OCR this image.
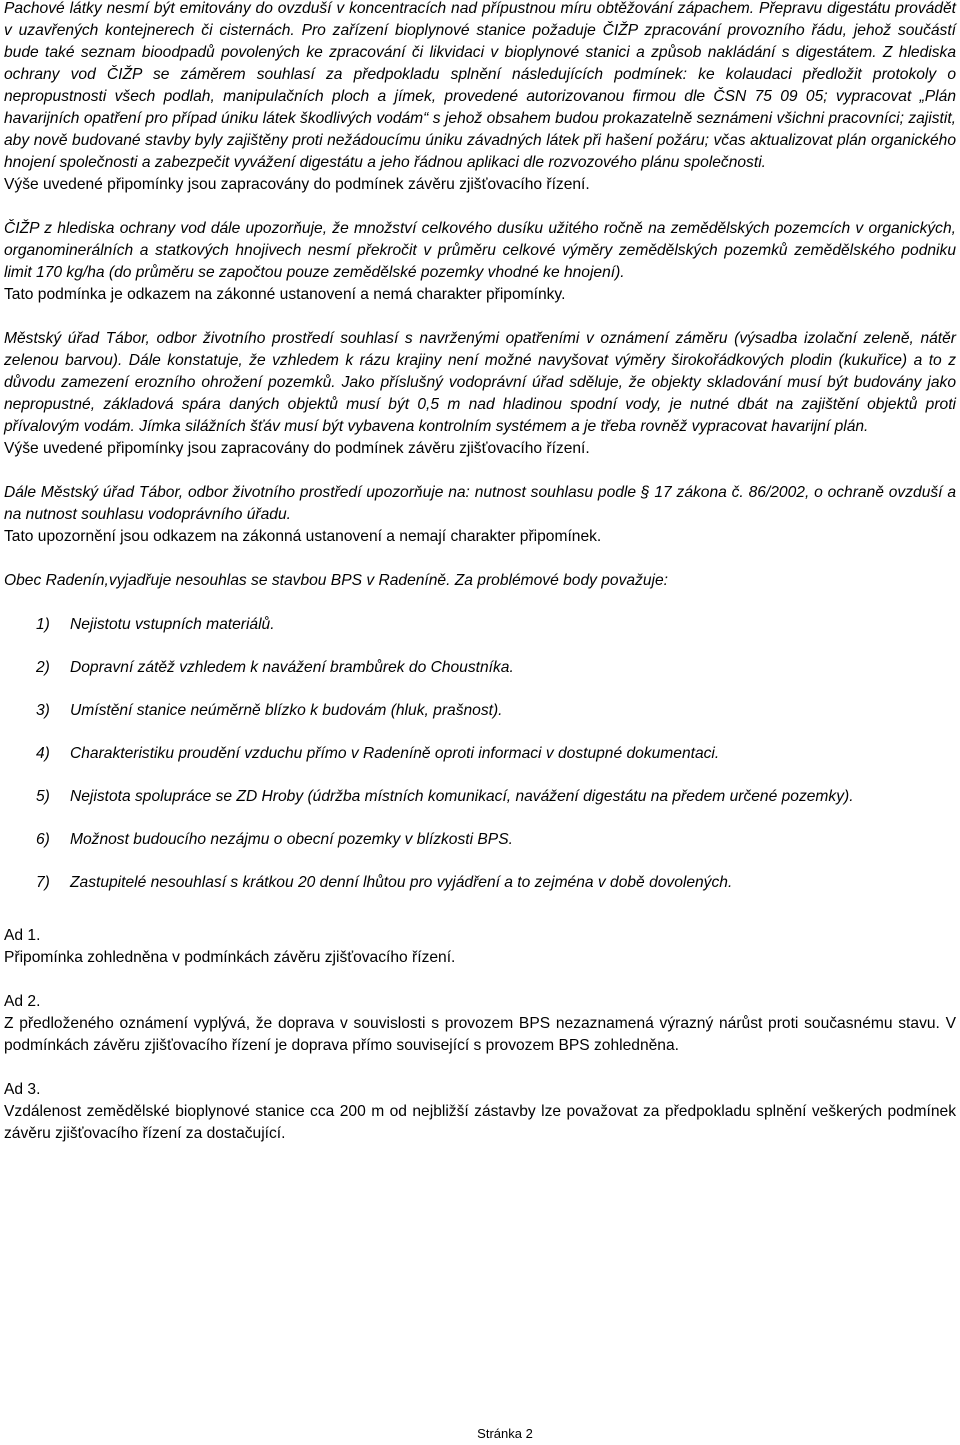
Pachové látky nesmí být emitovány do ovzduší v koncentracích nad přípustnou míru obtěžování zápachem. Přepravu digestátu provádět v uzavřených kontejnerech či cisternách. Pro zařízení bioplynové stanice požaduje ČIŽP zpracování provozního řádu, jehož součástí bude také seznam bioodpadů povolených ke zpracování či likvidaci v bioplynové stanici a způsob nakládání s digestátem. Z hlediska ochrany vod ČIŽP se záměrem souhlasí za předpokladu splnění následujících podmínek: ke kolaudaci předložit protokoly o nepropustnosti všech podlah, manipulačních ploch a jímek, provedené autorizovanou firmou dle ČSN 75 09 05; vypracovat „Plán havarijních opatření pro případ úniku látek škodlivých vodám“ s jehož obsahem budou prokazatelně seznámeni všichni pracovníci; zajistit, aby nově budované stavby byly zajištěny proti nežádoucímu úniku závadných látek při hašení požáru; včas aktualizovat plán organického hnojení společnosti a zabezpečit vyvážení digestátu a jeho řádnou aplikaci dle rozvozového plánu společnosti.
Výše uvedené připomínky jsou zapracovány do podmínek závěru zjišťovacího řízení.

ČIŽP z hlediska ochrany vod dále upozorňuje, že množství celkového dusíku užitého ročně na zemědělských pozemcích v organických, organominerálních a statkových hnojivech nesmí překročit v průměru celkové výměry zemědělských pozemků zemědělského podniku limit 170 kg/ha (do průměru se započtou pouze zemědělské pozemky vhodné ke hnojení).
Tato podmínka je odkazem na zákonné ustanovení a nemá charakter připomínky.

Městský úřad Tábor, odbor životního prostředí souhlasí s navrženými opatřeními v oznámení záměru (výsadba izolační zeleně, nátěr zelenou barvou). Dále konstatuje, že vzhledem k rázu krajiny není možné navyšovat výměry širokořádkových plodin (kukuřice) a to z důvodu zamezení erozního ohrožení pozemků. Jako příslušný vodoprávní úřad sděluje, že objekty skladování musí být budovány jako nepropustné, základová spára daných objektů musí být 0,5 m nad hladinou spodní vody, je nutné dbát na zajištění objektů proti přívalovým vodám. Jímka silážních šťáv musí být vybavena kontrolním systémem a je třeba rovněž vypracovat havarijní plán.
Výše uvedené připomínky jsou zapracovány do podmínek závěru zjišťovacího řízení.

Dále Městský úřad Tábor, odbor životního prostředí upozorňuje na: nutnost souhlasu podle § 17 zákona č. 86/2002, o ochraně ovzduší a na nutnost souhlasu vodoprávního úřadu.
Tato upozornění jsou odkazem na zákonná ustanovení a nemají charakter připomínek.

Obec Radenín,vyjadřuje nesouhlas se stavbou BPS v Radeníně. Za problémové body považuje:

1)	Nejistotu vstupních materiálů.
2)	Dopravní zátěž vzhledem k navážení brambůrek do Choustníka.
3)	Umístění stanice neúměrně blízko k budovám (hluk, prašnost).
4)	Charakteristiku proudění vzduchu přímo v Radeníně oproti informaci v dostupné dokumentaci.
5)	Nejistota spolupráce se ZD Hroby (údržba místních komunikací, navážení digestátu na předem určené pozemky).
6)	Možnost budoucího nezájmu o obecní pozemky v blízkosti BPS.
7)	Zastupitelé nesouhlasí s krátkou 20 denní lhůtou pro vyjádření a to zejména v době dovolených.

Ad 1.
Připomínka zohledněna v podmínkách závěru zjišťovacího řízení.

Ad 2.
Z předloženého oznámení vyplývá, že doprava v souvislosti s provozem BPS nezaznamená výrazný nárůst proti současnému stavu. V podmínkách závěru zjišťovacího řízení je doprava přímo související s provozem BPS zohledněna.

Ad 3.
Vzdálenost zemědělské bioplynové stanice cca 200 m od nejbližší zástavby lze považovat za předpokladu splnění veškerých podmínek závěru zjišťovacího řízení za dostačující.

Stránka 2
